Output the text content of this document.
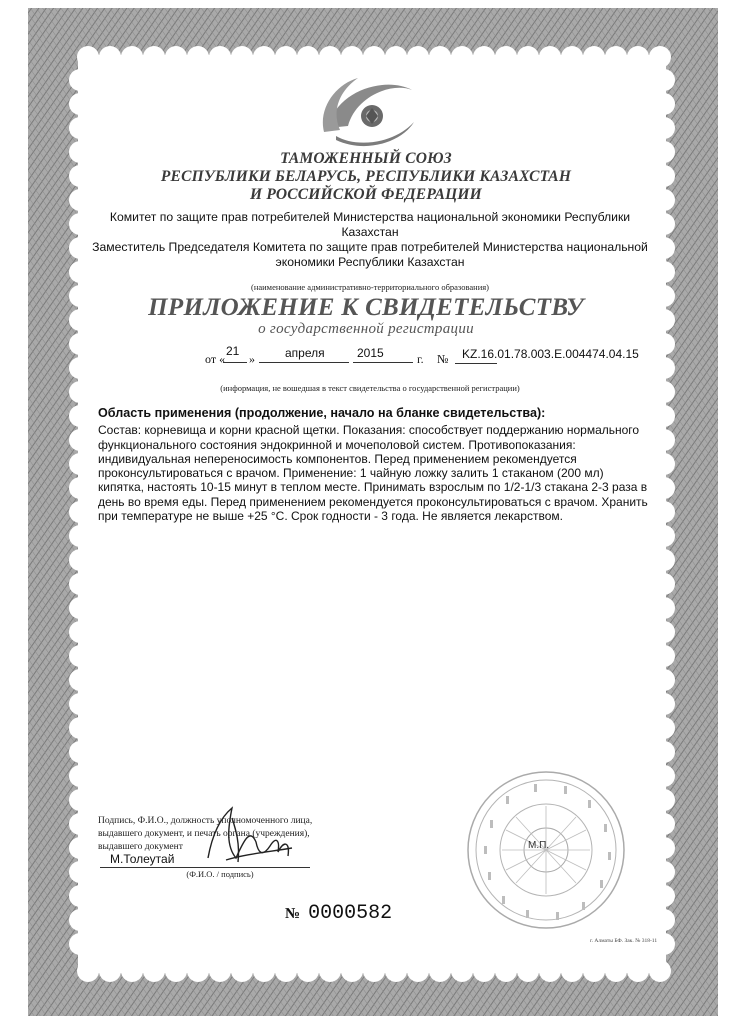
ТАМОЖЕННЫЙ СОЮЗ
РЕСПУБЛИКИ БЕЛАРУСЬ, РЕСПУБЛИКИ КАЗАХСТАН
И РОССИЙСКОЙ ФЕДЕРАЦИИ
Комитет по защите прав потребителей Министерства национальной экономики Республики
Казахстан
Заместитель Председателя Комитета по защите прав потребителей Министерства национальной
экономики Республики Казахстан
(наименование административно-территориального образования)
ПРИЛОЖЕНИЕ К СВИДЕТЕЛЬСТВУ
о государственной регистрации
от «
21
»	апреля	2015	г. № KZ.16.01.78.003.Е.004474.04.15
(информация, не вошедшая в текст свидетельства о государственной регистрации)
Область применения (продолжение, начало на бланке свидетельства):
Состав: корневища и корни красной щетки. Показания: способствует поддержанию нормального
функционального состояния эндокринной и мочеполовой систем. Противопоказания:
индивидуальная непереносимость компонентов. Перед применением рекомендуется
проконсультироваться с врачом. Применение: 1 чайную ложку залить 1 стаканом (200 мл)
кипятка, настоять 10-15 минут в теплом месте. Принимать взрослым по 1/2-1/3 стакана 2-3 раза в
день во время еды. Перед применением рекомендуется проконсультироваться с врачом. Хранить
при температуре не выше +25 °С. Срок годности - 3 года. Не является лекарством.
Подпись, Ф.И.О., должность уполномоченного лица,
выдавшего документ, и печать органа (учреждения),
выдавшего документ
М.Толеутай
(Ф.И.О. / подпись)
М.П.
№ 0000582
г. Алматы БФ. Зак. № 318-11
